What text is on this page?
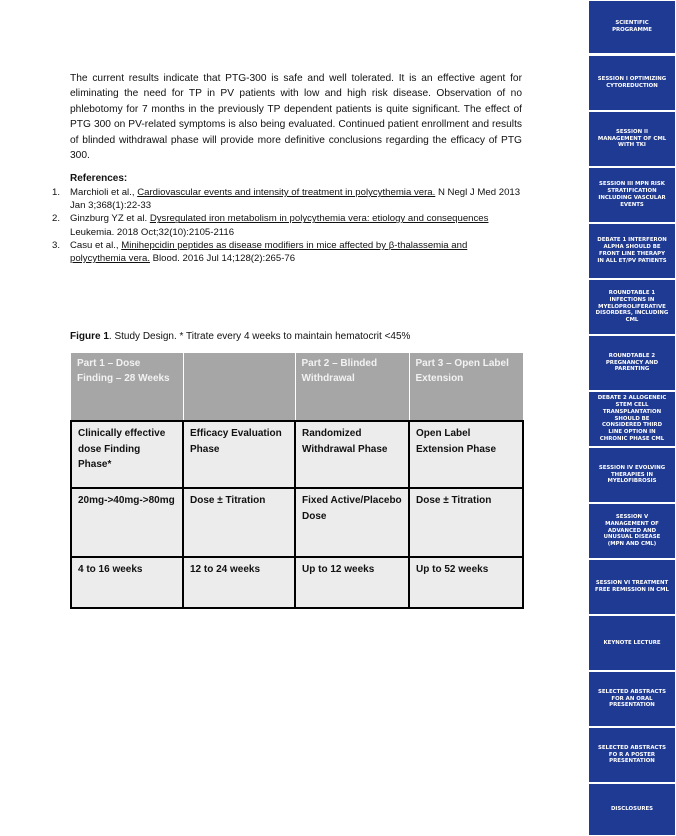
The current results indicate that PTG-300 is safe and well tolerated. It is an effective agent for eliminating the need for TP in PV patients with low and high risk disease. Observation of no phlebotomy for 7 months in the previously TP dependent patients is quite significant. The effect of PTG 300 on PV-related symptoms is also being evaluated. Continued patient enrollment and results of blinded withdrawal phase will provide more definitive conclusions regarding the efficacy of PTG 300.

References:
1.	Marchioli et al., Cardiovascular events and intensity of treatment in polycythemia vera. N Negl J Med 2013 Jan 3;368(1):22-33
2.	Ginzburg YZ et al. Dysregulated iron metabolism in polycythemia vera: etiology and consequences Leukemia. 2018 Oct;32(10):2105-2116
3.	Casu et al., Minihepcidin peptides as disease modifiers in mice affected by β-thalassemia and polycythemia vera. Blood. 2016 Jul 14;128(2):265-76
Figure 1. Study Design. * Titrate every 4 weeks to maintain hematocrit <45%
Part 1 – Dose Finding – 28 Weeks		Part 2 – Blinded Withdrawal	Part 3 – Open Label Extension
Clinically effective dose Finding Phase*	Efficacy Evaluation Phase	Randomized Withdrawal Phase	Open Label Extension Phase
20mg->40mg->80mg	Dose ± Titration	Fixed Active/Placebo Dose	Dose ± Titration
4 to 16 weeks	12 to 24 weeks	Up to 12 weeks	Up to 52 weeks
SCIENTIFIC PROGRAMME
SESSION I OPTIMIZING CYTOREDUCTION
SESSION II MANAGEMENT OF CML WITH TKI
SESSION III MPN RISK STRATIFICATION INCLUDING VASCULAR EVENTS
DEBATE 1 INTERFERON ALPHA SHOULD BE FRONT LINE THERAPY IN ALL ET/PV PATIENTS
ROUNDTABLE 1 INFECTIONS IN MYELOPROLIFERATIVE DISORDERS, INCLUDING CML
ROUNDTABLE 2 PREGNANCY AND PARENTING
DEBATE 2 ALLOGENEIC STEM CELL TRANSPLANTATION SHOULD BE CONSIDERED THIRD LINE OPTION IN CHRONIC PHASE CML
SESSION IV EVOLVING THERAPIES IN MYELOFIBROSIS
SESSION V MANAGEMENT OF ADVANCED AND UNUSUAL DISEASE (MPN AND CML)
SESSION VI TREATMENT FREE REMISSION IN CML
KEYNOTE LECTURE
SELECTED ABSTRACTS FOR AN ORAL PRESENTATION
SELECTED ABSTRACTS FO R A POSTER PRESENTATION
DISCLOSURES
